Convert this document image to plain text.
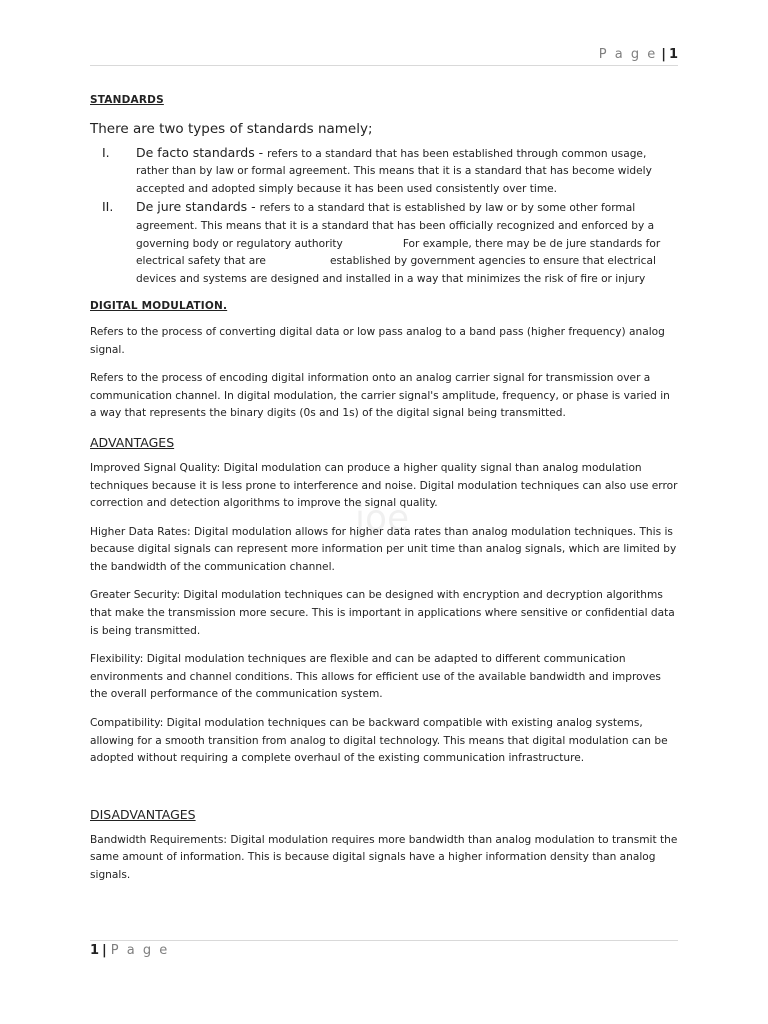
P a g e | 1
joe
STANDARDS
There are two types of standards namely;
I. De facto standards - refers to a standard that has been established through common usage, rather than by law or formal agreement. This means that it is a standard that has become widely accepted and adopted simply because it has been used consistently over time.
II. De jure standards - refers to a standard that is established by law or by some other formal agreement. This means that it is a standard that has been officially recognized and enforced by a governing body or regulatory authority	For example, there may be de jure standards for electrical safety that are	established by government agencies to ensure that electrical devices and systems are designed and installed in a way that minimizes the risk of fire or injury
DIGITAL MODULATION.

Refers to the process of converting digital data or low pass analog to a band pass (higher frequency) analog signal.

Refers to the process of encoding digital information onto an analog carrier signal for transmission over a communication channel. In digital modulation, the carrier signal's amplitude, frequency, or phase is varied in a way that represents the binary digits (0s and 1s) of the digital signal being transmitted.

ADVANTAGES

Improved Signal Quality: Digital modulation can produce a higher quality signal than analog modulation techniques because it is less prone to interference and noise. Digital modulation techniques can also use error correction and detection algorithms to improve the signal quality.

Higher Data Rates: Digital modulation allows for higher data rates than analog modulation techniques. This is because digital signals can represent more information per unit time than analog signals, which are limited by the bandwidth of the communication channel.

Greater Security: Digital modulation techniques can be designed with encryption and decryption algorithms that make the transmission more secure. This is important in applications where sensitive or confidential data is being transmitted.

Flexibility: Digital modulation techniques are flexible and can be adapted to different communication environments and channel conditions. This allows for efficient use of the available bandwidth and improves the overall performance of the communication system.

Compatibility: Digital modulation techniques can be backward compatible with existing analog systems, allowing for a smooth transition from analog to digital technology. This means that digital modulation can be adopted without requiring a complete overhaul of the existing communication infrastructure.

DISADVANTAGES

Bandwidth Requirements: Digital modulation requires more bandwidth than analog modulation to transmit the same amount of information. This is because digital signals have a higher information density than analog signals.

1 | P a g e
